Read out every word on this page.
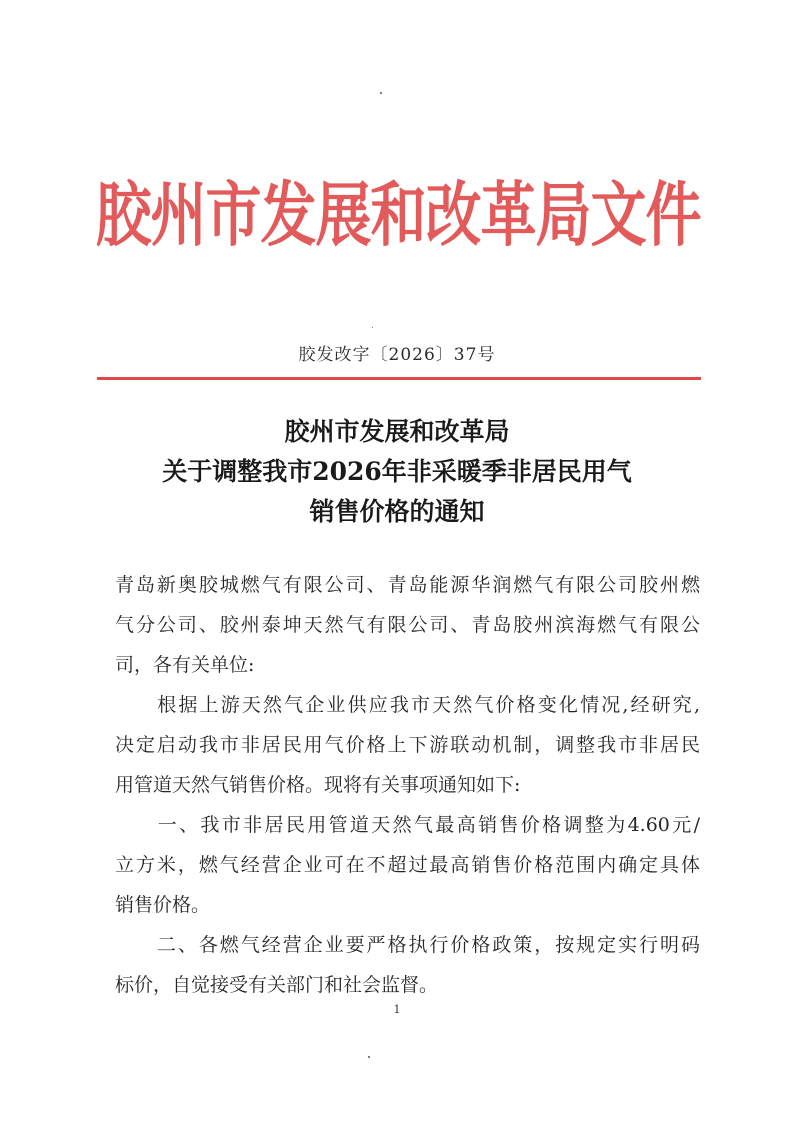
胶州市发展和改革局文件
胶发改字〔2026〕37号
胶州市发展和改革局
关于调整我市2026年非采暖季非居民用气
销售价格的通知
青岛新奥胶城燃气有限公司、青岛能源华润燃气有限公司胶州燃
气分公司、胶州泰坤天然气有限公司、青岛胶州滨海燃气有限公
司，各有关单位:
　　根据上游天然气企业供应我市天然气价格变化情况,经研究,
决定启动我市非居民用气价格上下游联动机制，调整我市非居民
用管道天然气销售价格。现将有关事项通知如下:
　　一、我市非居民用管道天然气最高销售价格调整为4.60元/
立方米，燃气经营企业可在不超过最高销售价格范围内确定具体
销售价格。
　　二、各燃气经营企业要严格执行价格政策，按规定实行明码
标价，自觉接受有关部门和社会监督。
1
